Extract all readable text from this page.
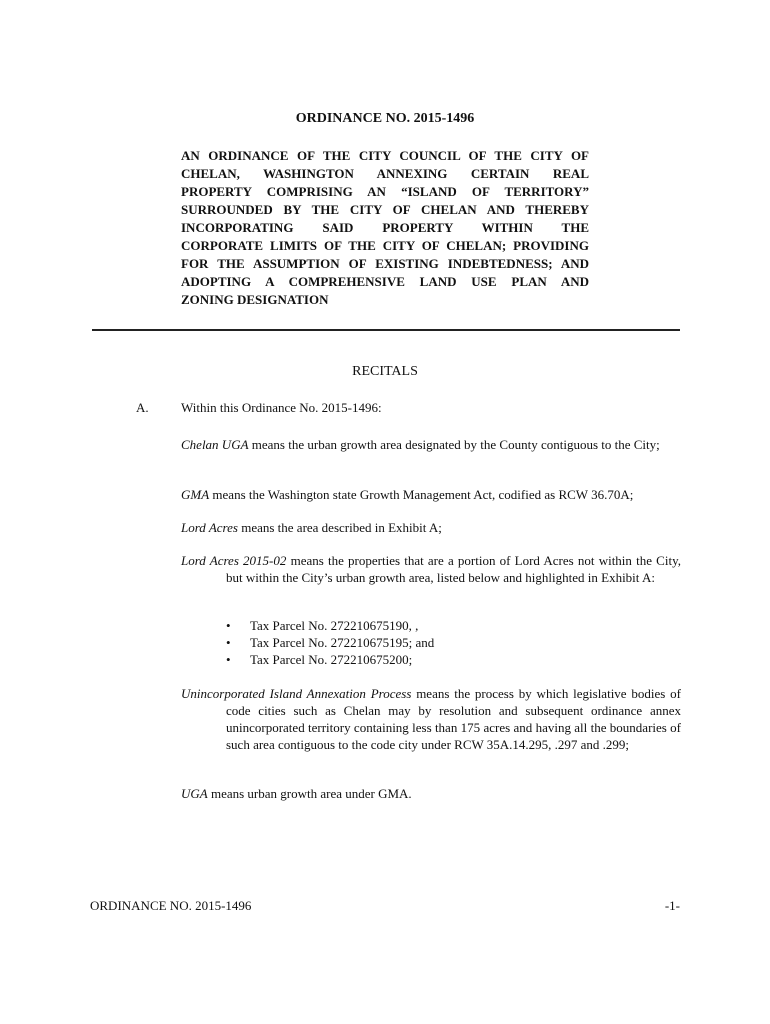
ORDINANCE NO. 2015-1496
AN ORDINANCE OF THE CITY COUNCIL OF THE CITY OF
CHELAN, WASHINGTON ANNEXING CERTAIN REAL
PROPERTY COMPRISING AN “ISLAND OF TERRITORY”
SURROUNDED BY THE CITY OF CHELAN AND THEREBY
INCORPORATING SAID PROPERTY WITHIN THE
CORPORATE LIMITS OF THE CITY OF CHELAN; PROVIDING
FOR THE ASSUMPTION OF EXISTING INDEBTEDNESS; AND
ADOPTING A COMPREHENSIVE LAND USE PLAN AND
ZONING DESIGNATION
RECITALS
A. Within this Ordinance No. 2015-1496:
Chelan UGA means the urban growth area designated by the County contiguous to the City;
GMA means the Washington state Growth Management Act, codified as RCW 36.70A;
Lord Acres means the area described in Exhibit A;
Lord Acres 2015-02 means the properties that are a portion of Lord Acres not within the City, but within the City’s urban growth area, listed below and highlighted in Exhibit A:
•	Tax Parcel No. 272210675190, ,
•	Tax Parcel No. 272210675195; and
•	Tax Parcel No. 272210675200;
Unincorporated Island Annexation Process means the process by which legislative bodies of code cities such as Chelan may by resolution and subsequent ordinance annex unincorporated territory containing less than 175 acres and having all the boundaries of such area contiguous to the code city under RCW 35A.14.295, .297 and .299;
UGA means urban growth area under GMA.
ORDINANCE NO. 2015-1496	-1-
